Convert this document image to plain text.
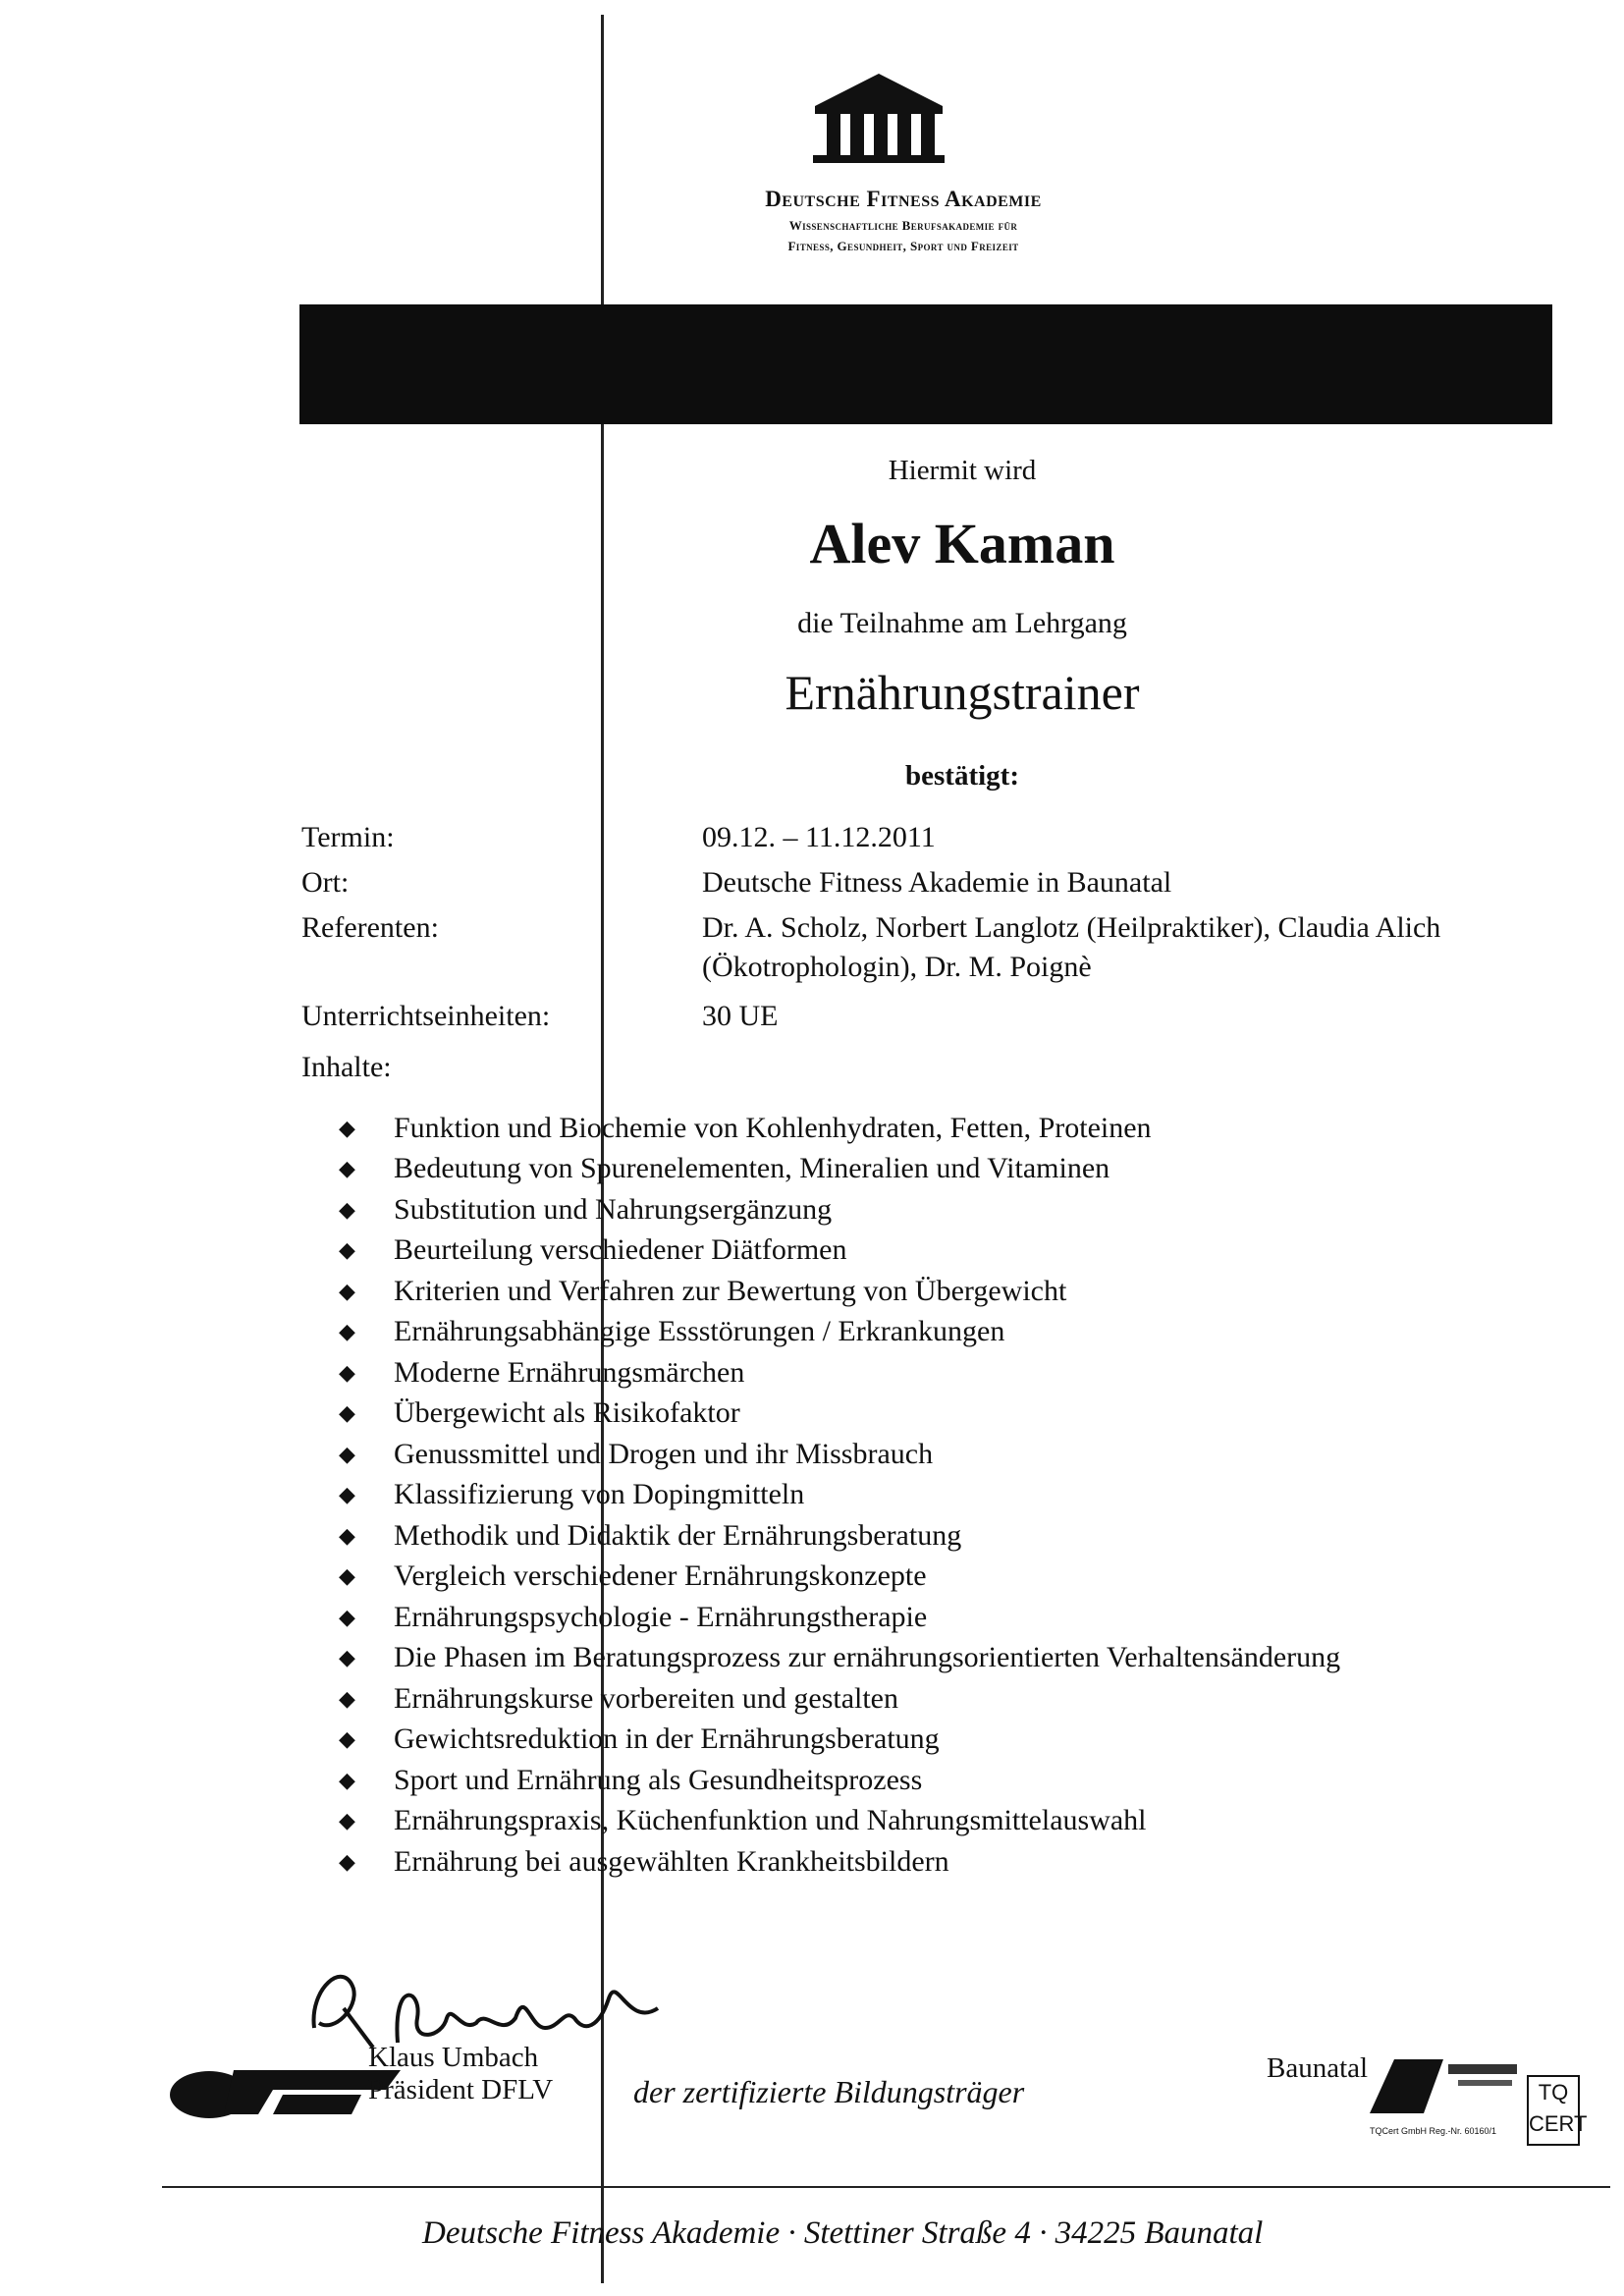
Deutsche Fitness Akademie
Wissenschaftliche Berufsakademie für
Fitness, Gesundheit, Sport und Freizeit
Hiermit wird
Alev Kaman
die Teilnahme am Lehrgang
Ernährungstrainer
bestätigt:
Termin:	09.12. – 11.12.2011
Ort:	Deutsche Fitness Akademie in Baunatal
Referenten:	Dr. A. Scholz, Norbert Langlotz (Heilpraktiker), Claudia Alich
(Ökotrophologin), Dr. M. Poignè
Unterrichtseinheiten:	30 UE
Inhalte:
◆	Funktion und Biochemie von Kohlenhydraten, Fetten, Proteinen
◆	Bedeutung von Spurenelementen, Mineralien und Vitaminen
◆	Substitution und Nahrungsergänzung
◆	Beurteilung verschiedener Diätformen
◆	Kriterien und Verfahren zur Bewertung von Übergewicht
◆	Ernährungsabhängige Essstörungen / Erkrankungen
◆	Moderne Ernährungsmärchen
◆	Übergewicht als Risikofaktor
◆	Genussmittel und Drogen und ihr Missbrauch
◆	Klassifizierung von Dopingmitteln
◆	Methodik und Didaktik der Ernährungsberatung
◆	Vergleich verschiedener Ernährungskonzepte
◆	Ernährungspsychologie - Ernährungstherapie
◆	Die Phasen im Beratungsprozess zur ernährungsorientierten Verhaltensänderung
◆	Ernährungskurse vorbereiten und gestalten
◆	Gewichtsreduktion in der Ernährungsberatung
◆	Sport und Ernährung als Gesundheitsprozess
◆	Ernährungspraxis, Küchenfunktion und Nahrungsmittelauswahl
◆	Ernährung bei ausgewählten Krankheitsbildern
Klaus Umbach
Präsident DFLV	der zertifizierte Bildungsträger
Baunatal
TQ CERT
TQCert GmbH Reg.-Nr. 60160/1
Deutsche Fitness Akademie · Stettiner Straße 4 · 34225 Baunatal
